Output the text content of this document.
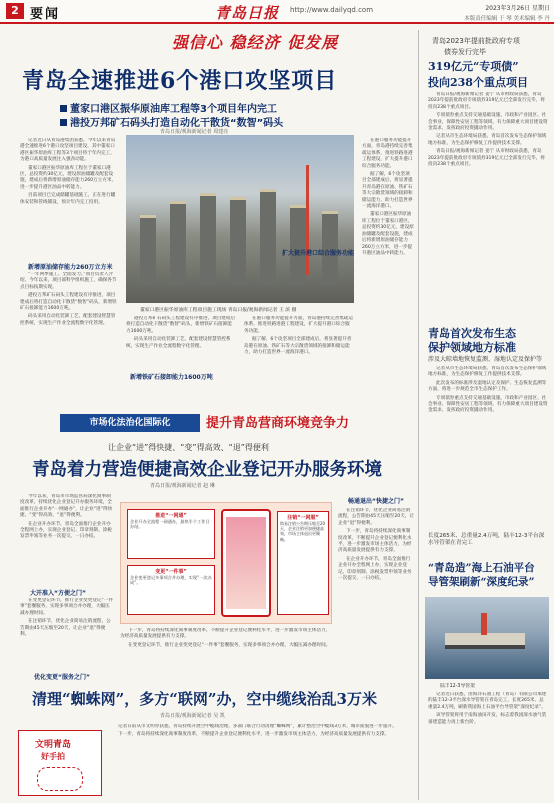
2 要闻	青岛日报 http://www.dailyqd.com	2023年3月26日 星期日
本版责任编辑 于 琴 美术编辑 李 丹
强信心 稳经济 促发展
青岛全速推进6个港口攻坚项目
董家口港区振华原油库工程等3个项目年内完工
港投万邦矿石码头打造自动化干散货“数智”码头
青岛日报/观海新闻记者 周建亮
记者近日从青岛港集团获悉，今年以来青岛港全速推进6个港口攻坚项目建设，其中董家口港区振华原油库工程等3个项目将于年内完工，为港口高质量发展注入强劲动能。
董家口港区振华原油库工程位于董家口港区，总投资约30亿元，建设原油储罐及配套设施，建成后将新增原油储存能力260万立方米，进一步提升港区油品中转能力。
目前项目已完成储罐基础施工，正在进行罐体安装和管线铺设，预计年内完工投用。
新增原油储存能力260万立方米
“一年两季施工、全面发力。”项目负责人介绍，今年以来，项目部科学组织施工，确保各节点目标按期实现。
港投万邦矿石码头工程建设有序推进，项目建成后将打造自动化干散货“数智”码头，新增铁矿石接卸能力1600万吨。
码头采用自动化装卸工艺，配套建设智慧管控系统，实现生产作业全流程数字化管理。
董家口港区振华原油库工程项目施工现场 青岛日报/观海新闻记者 王 滨 摄
港投万邦矿石码头工程建设有序推进，项目建成后将打造自动化干散货“数智”码头，新增铁矿石接卸能力1600万吨。
码头采用自动化装卸工艺，配套建设智慧管控系统，实现生产作业全流程数字化管理。
新增铁矿石接卸能力1600万吨
在港口服务功能提升方面，青岛港持续完善集疏运体系，推进铁路进港工程建设，扩大提升港口综合服务功能。
据了解，6个攻坚项目全部建成后，将显著提升青岛港在原油、铁矿石等大宗散货领域的接卸和储运能力，助力打造世界一流海洋港口。
扩大提升港口综合服务功能
在港口服务功能提升方面，青岛港持续完善集疏运体系，推进铁路进港工程建设，扩大提升港口综合服务功能。
据了解，6个攻坚项目全部建成后，将显著提升青岛港在原油、铁矿石等大宗散货领域的接卸和储运能力，助力打造世界一流海洋港口。
董家口港区振华原油库工程位于董家口港区，总投资约30亿元，建设原油储罐及配套设施，建成后将新增原油储存能力260万立方米，进一步提升港区油品中转能力。
市场化法治化国际化	提升青岛营商环境竞争力
让企业“进”得快捷、“变”得高效、“退”得便利
青岛着力营造便捷高效企业登记开办服务环境
青岛日报/观海新闻记者 赵 琳
今年以来，青岛市市场监管局深化商事制度改革，持续优化企业登记开办服务环境，全面推行企业开办“一网通办”，让企业“进”得快捷、“变”得高效、“退”得便利。
在企业开办环节，青岛全面推行企业开办全程网上办，实现企业登记、印章刻制、涂税发票申领等业务一次提交、一日办结。
大开准入“方便之门”
在变更登记环节，推行企业变更登记“一件事”套餐服务，实现多事项合并办理，大幅压减办理时间。
在注销环节，优化企业简易注销流程，公告期由45天压缩至20天，让企业“退”得便利。
优化变更“服务之门”
推进“一网通”
企业开办全流程一网通办，最快半个工作日办结。
变更“一件事”
企业变更登记多事项合并办理，实现“一次办成”。
注销“一网服”
简易注销公告期压缩至20天，企业注销更加便捷高效，市场主体退出更顺畅。
下一步，青岛将持续深化商事制度改革，不断提升企业登记便利化水平，进一步激发市场主体活力，为经济高质量发展提供有力支撑。
在变更登记环节，推行企业变更登记“一件事”套餐服务，实现多事项合并办理，大幅压减办理时间。
畅通退出“快捷之门”
在注销环节，优化企业简易注销流程，公告期由45天压缩至20天，让企业“退”得便利。
下一步，青岛将持续深化商事制度改革，不断提升企业登记便利化水平，进一步激发市场主体活力，为经济高质量发展提供有力支撑。
在企业开办环节，青岛全面推行企业开办全程网上办，实现企业登记、印章刻制、涂税发票申领等业务一次提交、一日办结。
清理“蜘蛛网”，多方“联网”办，空中缆线治乱3万米
青岛日报/观海新闻记者 吴 凯
文明青岛
好手拍
记者日前从市文明办获悉，青岛持续开展空中缆线治理，多部门联合行动清理“蜘蛛网”，累计整治空中缆线3万米，城市面貌进一步提升。
下一步，青岛将持续深化商事制度改革，不断提升企业登记便利化水平，进一步激发市场主体活力，为经济高质量发展提供有力支撑。
青岛2023年提前批政府专项
债券发行完毕
319亿元“专项债”
投向238个重点项目
青岛日报/观海新闻记者 姜宁 从市财政局获悉，青岛2023年提前批政府专项债券319亿元已全部发行完毕，将投向238个重点项目。
专项债券重点支持交通基础设施、市政和产业园区、社会事业、保障性安居工程等领域，有力保障重大项目建设资金需求，发挥政府投资撬动作用。
记者从市生态环境局获悉，青岛首次发布生态保护领域地方标准，为生态保护修复工作提供技术支撑。
青岛日报/观海新闻记者 姜宁 从市财政局获悉，青岛2023年提前批政府专项债券319亿元已全部发行完毕，将投向238个重点项目。
青岛首次发布生态
保护领域地方标准
涉及大晾墙地恢复监测、湿地认定及保护等
记者从市生态环境局获悉，青岛首次发布生态保护领域地方标准，为生态保护修复工作提供技术支撑。
此次发布的标准涉及湿地认定及保护、生态恢复监测等方面，将进一步规范全市生态保护工作。
专项债券重点支持交通基础设施、市政和产业园区、社会事业、保障性安居工程等领域，有力保障重大项目建设资金需求，发挥政府投资撬动作用。
长度265米、总重量2.4万吨，陆丰12-3平台深水导管架在青完工
“青岛造”海上石油平台
导管架刷新“深度纪录”
陆丰12-3导管架
记者近日获悉，由海洋石油工程（青岛）有限公司承建的陆丰12-3平台深水导管架在青岛完工，长度265米、总重量2.4万吨，刷新我国海上石油平台导管架“深度纪录”。
该导管架将用于南海油田开发，标志着我国深水油气装备建造能力再上新台阶。
